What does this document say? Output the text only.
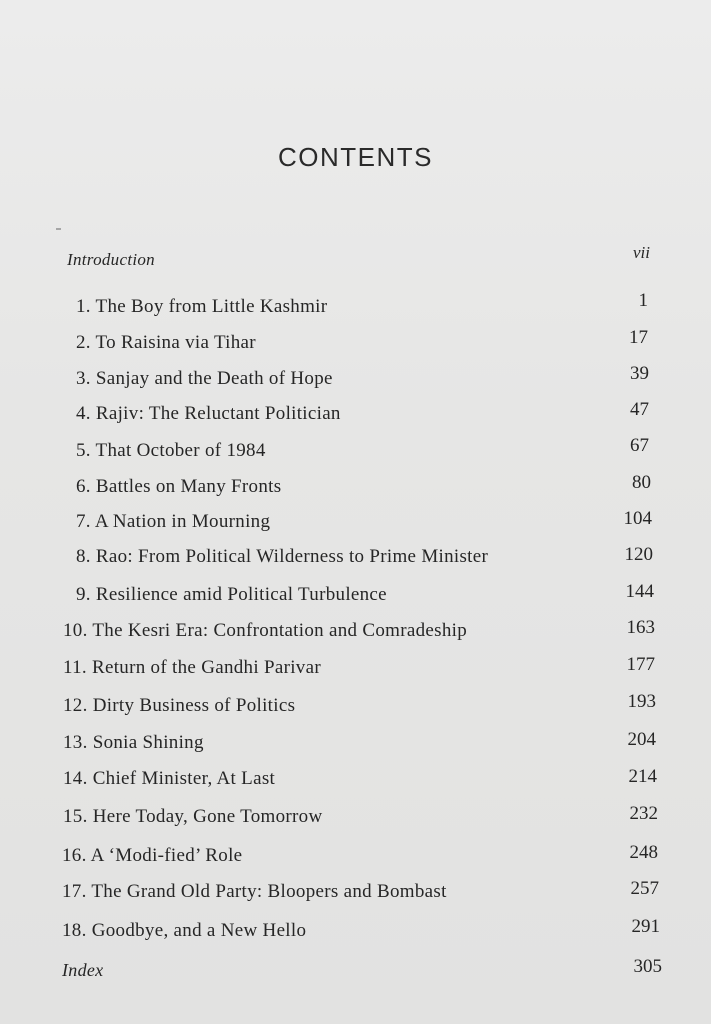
CONTENTS
Introduction	vii
1. The Boy from Little Kashmir	1
2. To Raisina via Tihar	17
3. Sanjay and the Death of Hope	39
4. Rajiv: The Reluctant Politician	47
5. That October of 1984	67
6. Battles on Many Fronts	80
7. A Nation in Mourning	104
8. Rao: From Political Wilderness to Prime Minister	120
9. Resilience amid Political Turbulence	144
10. The Kesri Era: Confrontation and Comradeship	163
11. Return of the Gandhi Parivar	177
12. Dirty Business of Politics	193
13. Sonia Shining	204
14. Chief Minister, At Last	214
15. Here Today, Gone Tomorrow	232
16. A ‘Modi-fied’ Role	248
17. The Grand Old Party: Bloopers and Bombast	257
18. Goodbye, and a New Hello	291
Index	305
